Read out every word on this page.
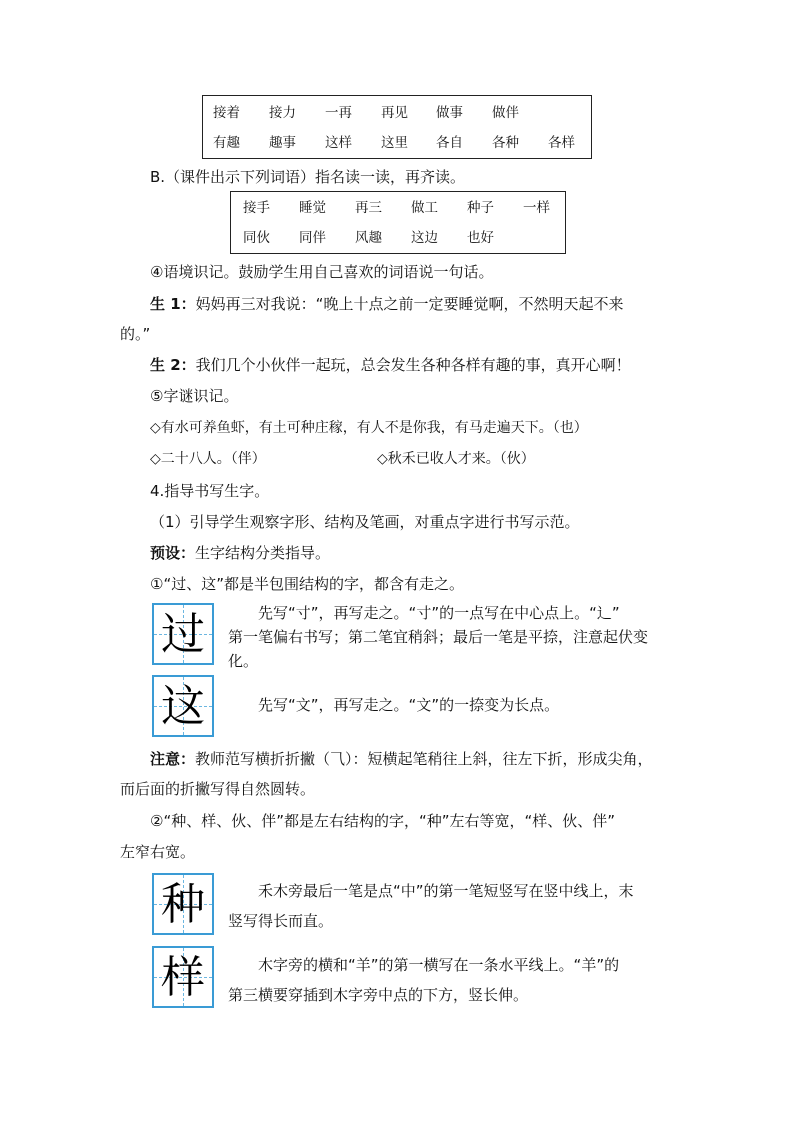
接着 接力 一再 再见 做事 做伴
有趣 趣事 这样 这里 各自 各种 各样
B.（课件出示下列词语）指名读一读，再齐读。
接手 睡觉 再三 做工 种子 一样
同伙 同伴 风趣 这边 也好
④语境识记。鼓励学生用自己喜欢的词语说一句话。
生 1：妈妈再三对我说：“晚上十点之前一定要睡觉啊，不然明天起不来
的。”
生 2：我们几个小伙伴一起玩，总会发生各种各样有趣的事，真开心啊！
⑤字谜识记。
◇有水可养鱼虾，有土可种庄稼，有人不是你我，有马走遍天下。（也）
◇二十八人。（伴）	◇秋禾已收人才来。（伙）
4.指导书写生字。
（1）引导学生观察字形、结构及笔画，对重点字进行书写示范。
预设：生字结构分类指导。
①“过、这”都是半包围结构的字，都含有走之。
过	先写“寸”，再写走之。“寸”的一点写在中心点上。“辶”
第一笔偏右书写；第二笔宜稍斜；最后一笔是平捺，注意起伏变
化。
这	先写“文”，再写走之。“文”的一捺变为长点。
注意：教师范写横折折撇（⺄）：短横起笔稍往上斜，往左下折，形成尖角，
而后面的折撇写得自然圆转。
②“种、样、伙、伴”都是左右结构的字，“种”左右等宽，“样、伙、伴”
左窄右宽。
种	禾木旁最后一笔是点“中”的第一笔短竖写在竖中线上，末
竖写得长而直。
样	木字旁的横和“羊”的第一横写在一条水平线上。“羊”的
第三横要穿插到木字旁中点的下方，竖长伸。
